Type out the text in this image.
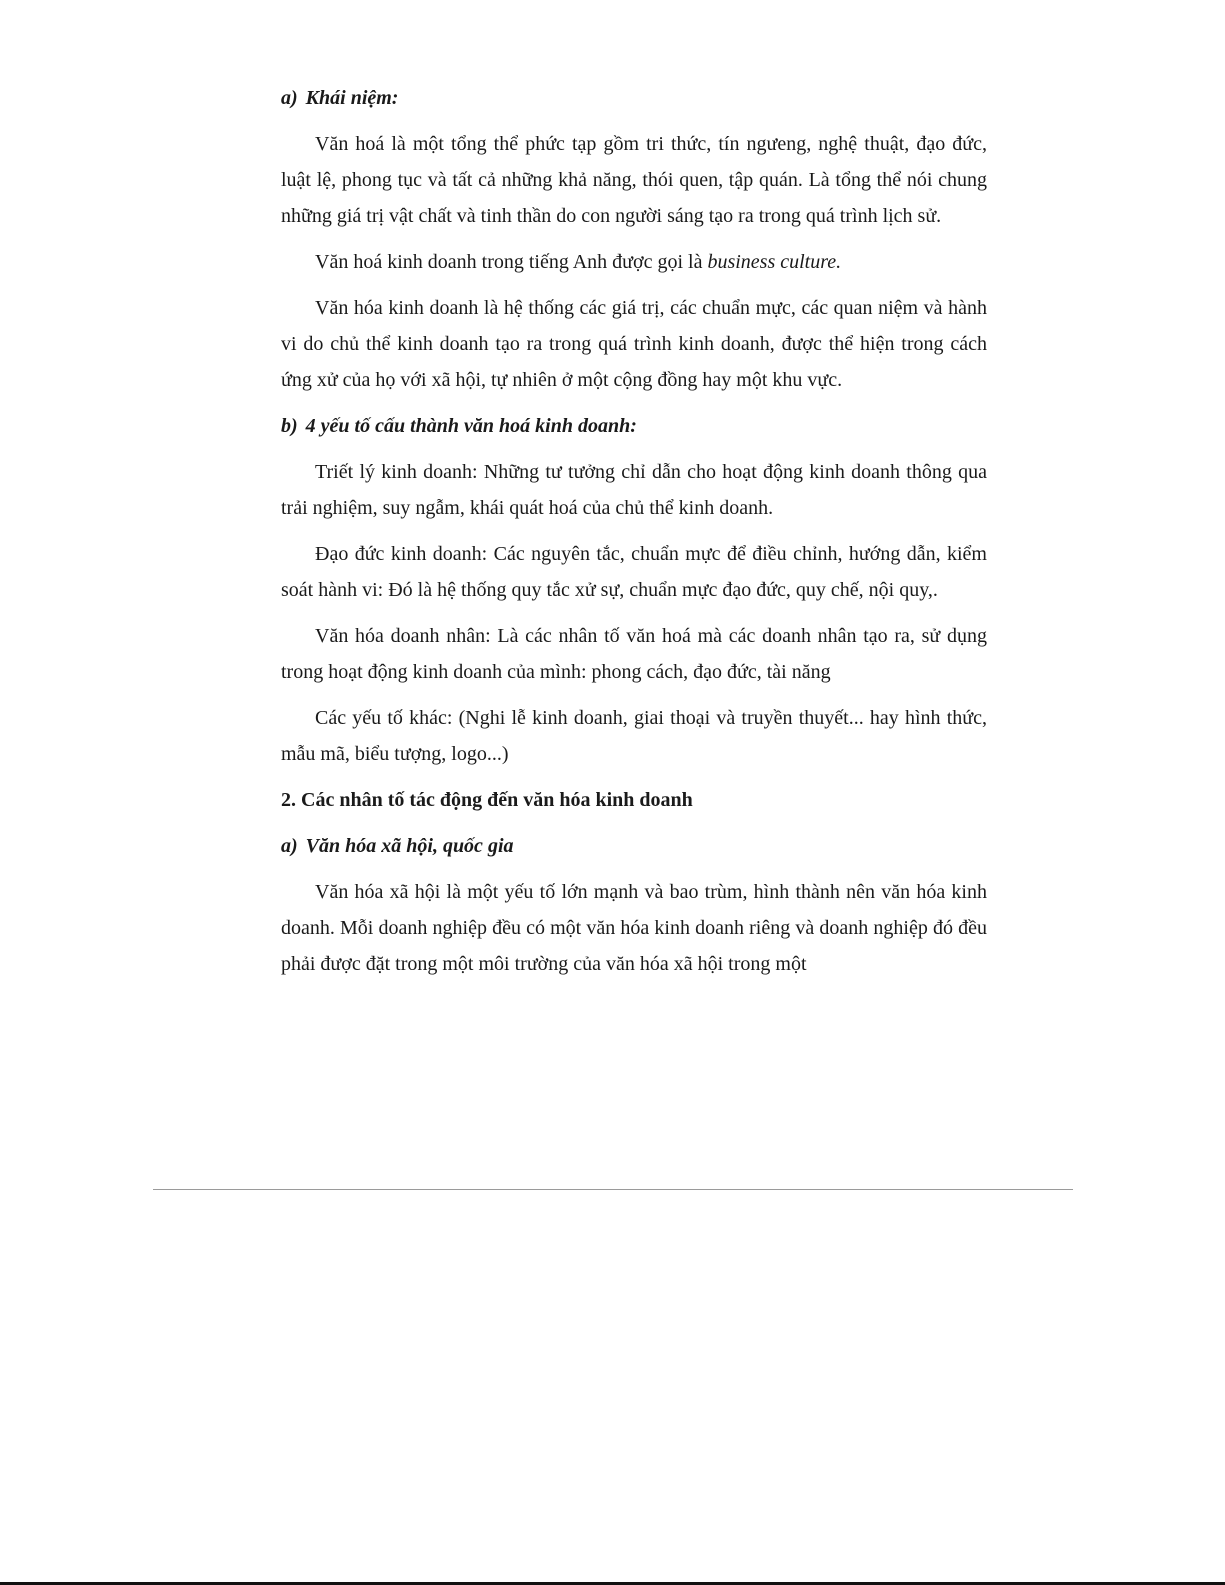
a) Khái niệm:

Văn hoá là một tổng thể phức tạp gồm tri thức, tín ngưeng, nghệ thuật, đạo đức, luật lệ, phong tục và tất cả những khả năng, thói quen, tập quán. Là tổng thể nói chung những giá trị vật chất và tinh thần do con người sáng tạo ra trong quá trình lịch sử.

Văn hoá kinh doanh trong tiếng Anh được gọi là business culture.

Văn hóa kinh doanh là hệ thống các giá trị, các chuẩn mực, các quan niệm và hành vi do chủ thể kinh doanh tạo ra trong quá trình kinh doanh, được thể hiện trong cách ứng xử của họ với xã hội, tự nhiên ở một cộng đồng hay một khu vực.

b) 4 yếu tố cấu thành văn hoá kinh doanh:

Triết lý kinh doanh: Những tư tưởng chỉ dẫn cho hoạt động kinh doanh thông qua trải nghiệm, suy ngẫm, khái quát hoá của chủ thể kinh doanh.

Đạo đức kinh doanh: Các nguyên tắc, chuẩn mực để điều chỉnh, hướng dẫn, kiểm soát hành vi: Đó là hệ thống quy tắc xử sự, chuẩn mực đạo đức, quy chế, nội quy,.

Văn hóa doanh nhân: Là các nhân tố văn hoá mà các doanh nhân tạo ra, sử dụng trong hoạt động kinh doanh của mình: phong cách, đạo đức, tài năng

Các yếu tố khác: (Nghi lễ kinh doanh, giai thoại và truyền thuyết... hay hình thức, mẫu mã, biểu tượng, logo...)

2. Các nhân tố tác động đến văn hóa kinh doanh
a) Văn hóa xã hội, quốc gia

Văn hóa xã hội là một yếu tố lớn mạnh và bao trùm, hình thành nên văn hóa kinh doanh. Mỗi doanh nghiệp đều có một văn hóa kinh doanh riêng và doanh nghiệp đó đều phải được đặt trong một môi trường của văn hóa xã hội trong một
